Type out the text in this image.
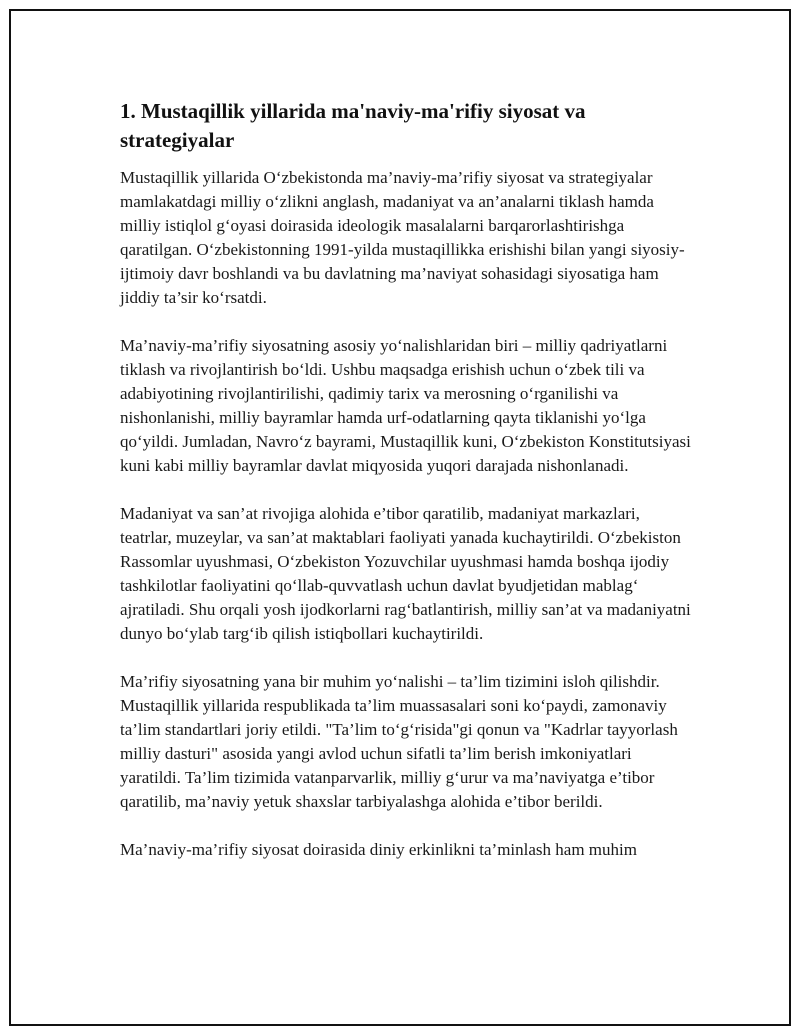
1. Mustaqillik yillarida ma'naviy-ma'rifiy siyosat va strategiyalar

Mustaqillik yillarida O‘zbekistonda ma’naviy-ma’rifiy siyosat va strategiyalar mamlakatdagi milliy o‘zlikni anglash, madaniyat va an’analarni tiklash hamda milliy istiqlol g‘oyasi doirasida ideologik masalalarni barqarorlashtirishga qaratilgan. O‘zbekistonning 1991-yilda mustaqillikka erishishi bilan yangi siyosiy-ijtimoiy davr boshlandi va bu davlatning ma’naviyat sohasidagi siyosatiga ham jiddiy ta’sir ko‘rsatdi.

Ma’naviy-ma’rifiy siyosatning asosiy yo‘nalishlaridan biri – milliy qadriyatlarni tiklash va rivojlantirish bo‘ldi. Ushbu maqsadga erishish uchun o‘zbek tili va adabiyotining rivojlantirilishi, qadimiy tarix va merosning o‘rganilishi va nishonlanishi, milliy bayramlar hamda urf-odatlarning qayta tiklanishi yo‘lga qo‘yildi. Jumladan, Navro‘z bayrami, Mustaqillik kuni, O‘zbekiston Konstitutsiyasi kuni kabi milliy bayramlar davlat miqyosida yuqori darajada nishonlanadi.

Madaniyat va san’at rivojiga alohida e’tibor qaratilib, madaniyat markazlari, teatrlar, muzeylar, va san’at maktablari faoliyati yanada kuchaytirildi. O‘zbekiston Rassomlar uyushmasi, O‘zbekiston Yozuvchilar uyushmasi hamda boshqa ijodiy tashkilotlar faoliyatini qo‘llab-quvvatlash uchun davlat byudjetidan mablag‘ ajratiladi. Shu orqali yosh ijodkorlarni rag‘batlantirish, milliy san’at va madaniyatni dunyo bo‘ylab targ‘ib qilish istiqbollari kuchaytirildi.

Ma’rifiy siyosatning yana bir muhim yo‘nalishi – ta’lim tizimini isloh qilishdir. Mustaqillik yillarida respublikada ta’lim muassasalari soni ko‘paydi, zamonaviy ta’lim standartlari joriy etildi. "Ta’lim to‘g‘risida"gi qonun va "Kadrlar tayyorlash milliy dasturi" asosida yangi avlod uchun sifatli ta’lim berish imkoniyatlari yaratildi. Ta’lim tizimida vatanparvarlik, milliy g‘urur va ma’naviyatga e’tibor qaratilib, ma’naviy yetuk shaxslar tarbiyalashga alohida e’tibor berildi.

Ma’naviy-ma’rifiy siyosat doirasida diniy erkinlikni ta’minlash ham muhim
